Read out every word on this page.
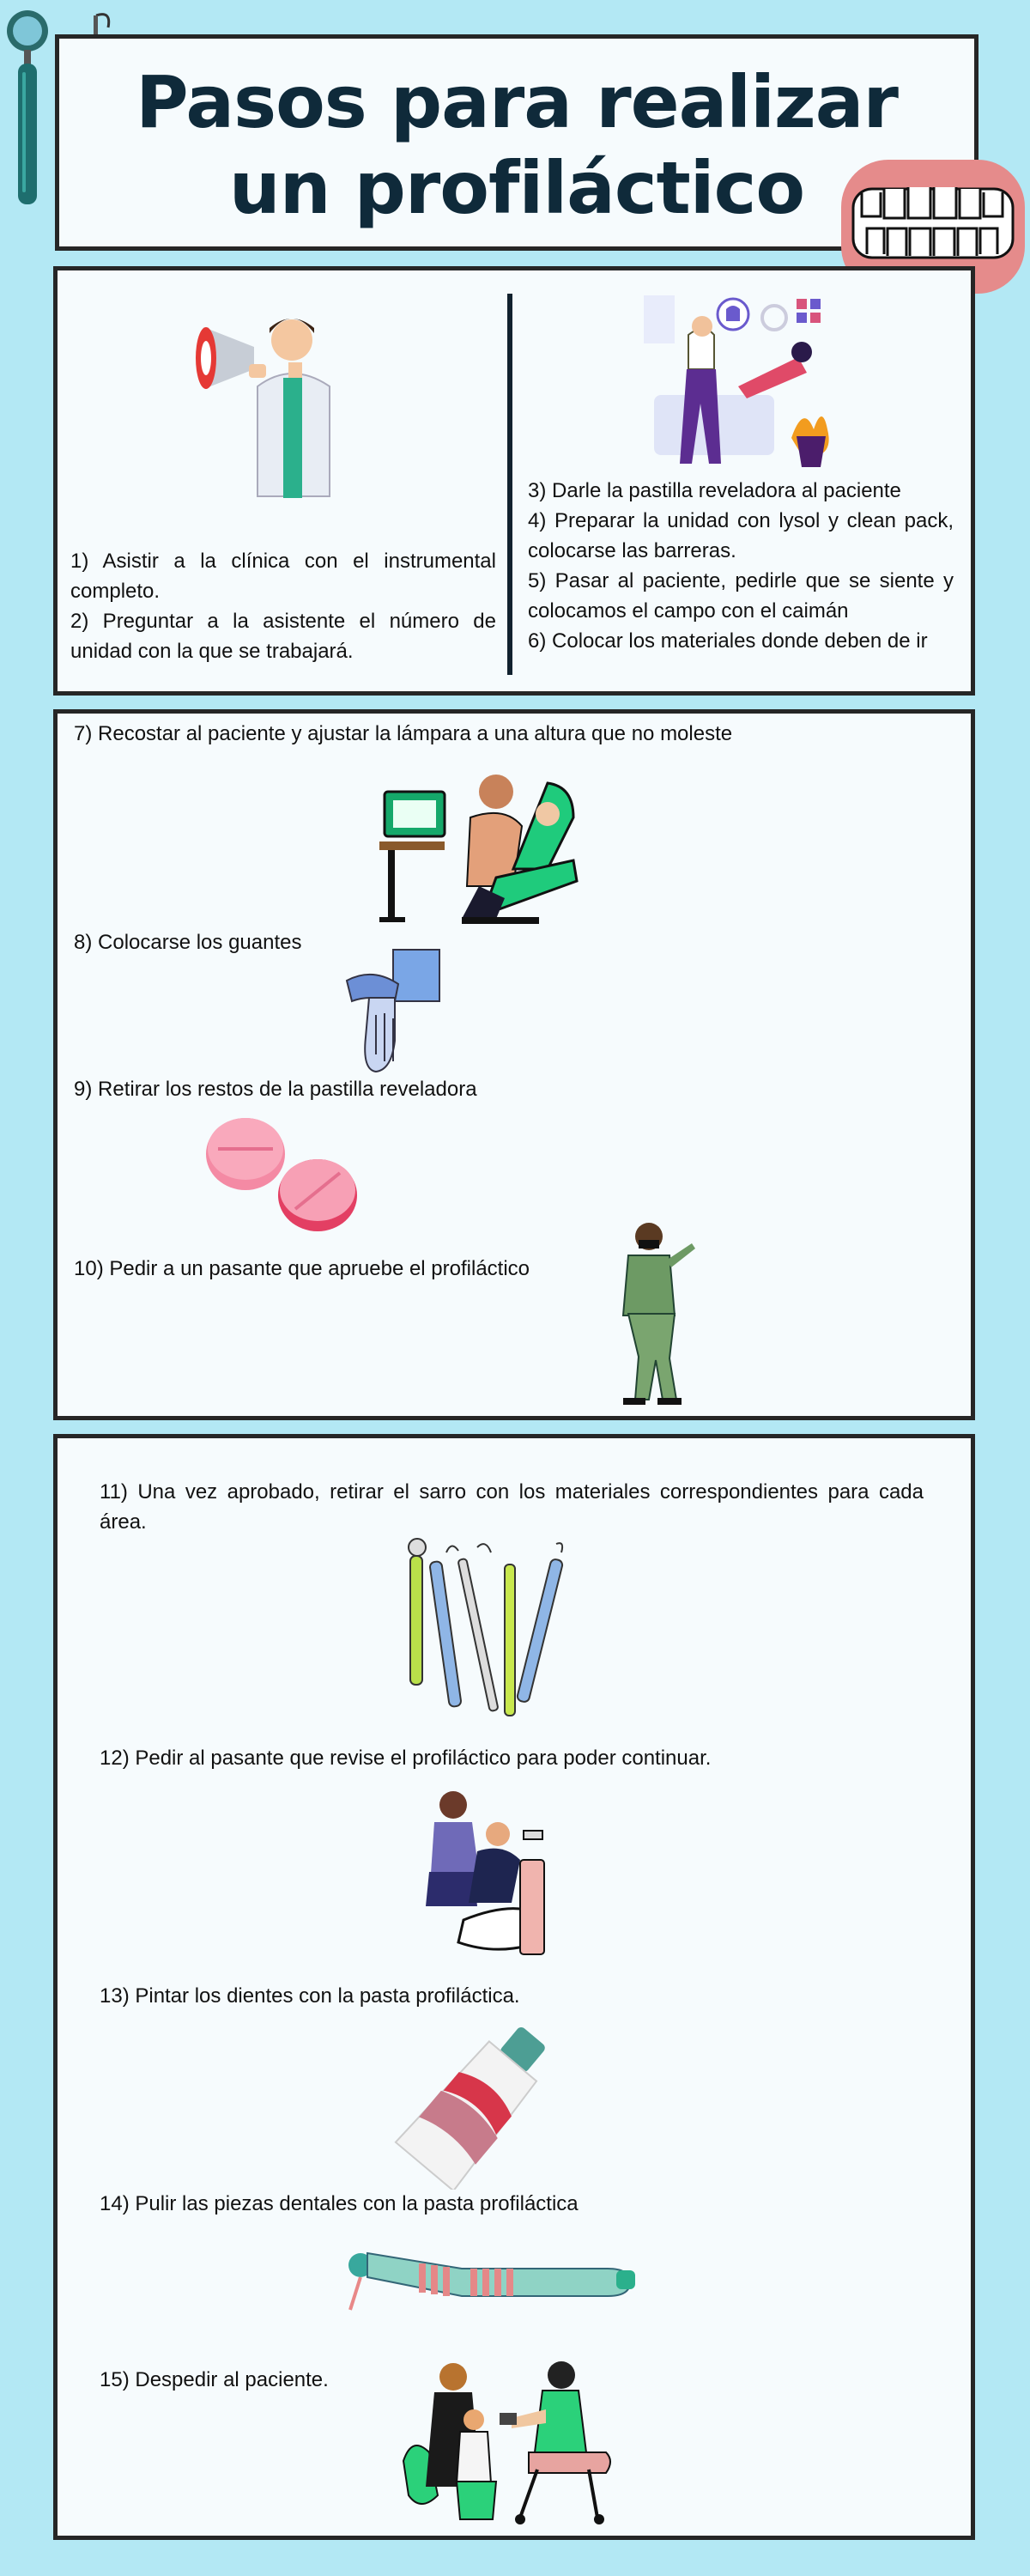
Pasos para realizar
un profiláctico

1) Asistir a la clínica con el instrumental completo.

2) Preguntar a la asistente el número de unidad con la que se trabajará.

3) Darle la pastilla reveladora al paciente

4) Preparar la unidad con lysol y clean pack, colocarse las barreras.

5) Pasar al paciente, pedirle que se siente y colocamos el campo con el caimán

6) Colocar los materiales donde deben de ir

7) Recostar al paciente y ajustar la lámpara a una altura que no moleste

8) Colocarse los guantes

9) Retirar los restos de la pastilla reveladora

10) Pedir a un pasante que apruebe el profiláctico

11) Una vez aprobado, retirar el sarro con los materiales correspondientes para cada área.

12) Pedir al pasante que revise el profiláctico para poder continuar.

13) Pintar los dientes con la pasta profiláctica.

14) Pulir las piezas dentales con la pasta profiláctica

15) Despedir al paciente.
